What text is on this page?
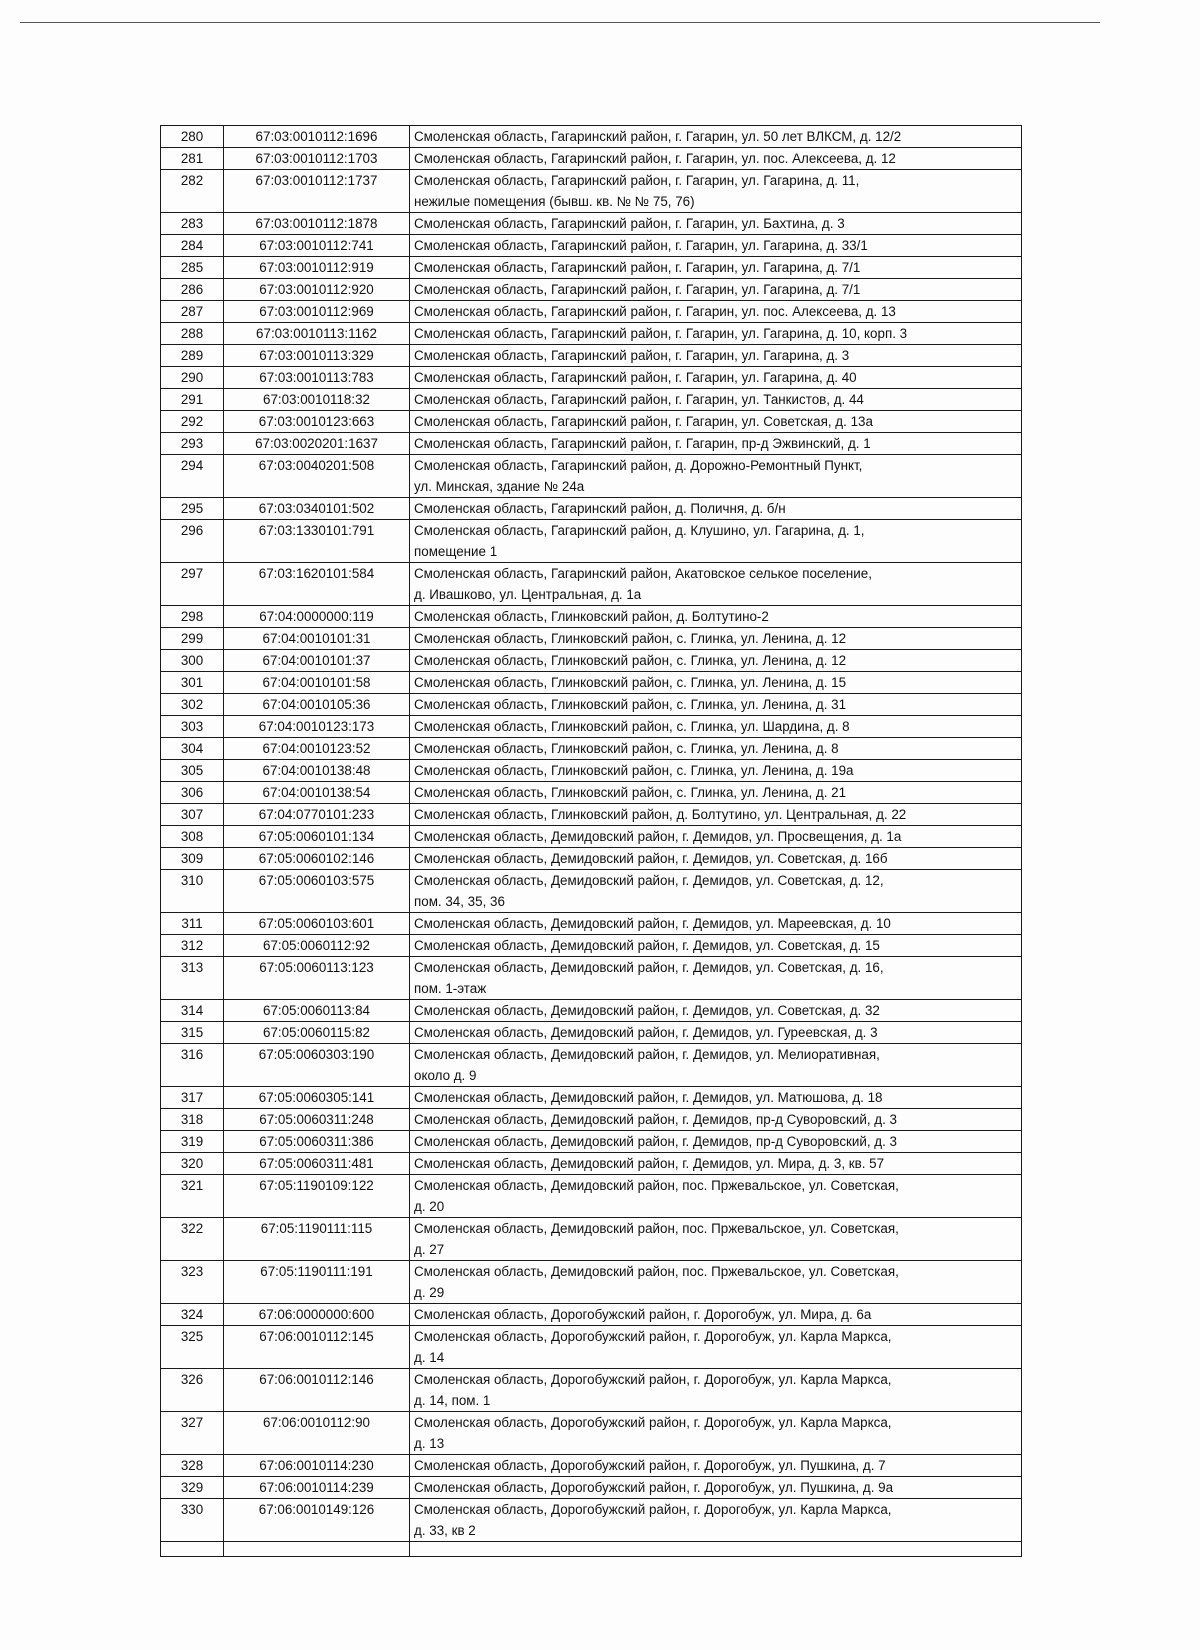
280	67:03:0010112:1696	Смоленская область, Гагаринский район, г. Гагарин, ул. 50 лет ВЛКСМ, д. 12/2

281	67:03:0010112:1703	Смоленская область, Гагаринский район, г. Гагарин, ул. пос. Алексеева, д. 12

282	67:03:0010112:1737	Смоленская область, Гагаринский район, г. Гагарин, ул. Гагарина, д. 11,
нежилые помещения (бывш. кв. № № 75, 76)

283	67:03:0010112:1878	Смоленская область, Гагаринский район, г. Гагарин, ул. Бахтина, д. 3

284	67:03:0010112:741	Смоленская область, Гагаринский район, г. Гагарин, ул. Гагарина, д. 33/1

285	67:03:0010112:919	Смоленская область, Гагаринский район, г. Гагарин, ул. Гагарина, д. 7/1

286	67:03:0010112:920	Смоленская область, Гагаринский район, г. Гагарин, ул. Гагарина, д. 7/1

287	67:03:0010112:969	Смоленская область, Гагаринский район, г. Гагарин, ул. пос. Алексеева, д. 13

288	67:03:0010113:1162	Смоленская область, Гагаринский район, г. Гагарин, ул. Гагарина, д. 10, корп. 3

289	67:03:0010113:329	Смоленская область, Гагаринский район, г. Гагарин, ул. Гагарина, д. 3

290	67:03:0010113:783	Смоленская область, Гагаринский район, г. Гагарин, ул. Гагарина, д. 40

291	67:03:0010118:32	Смоленская область, Гагаринский район, г. Гагарин, ул. Танкистов, д. 44

292	67:03:0010123:663	Смоленская область, Гагаринский район, г. Гагарин, ул. Советская, д. 13а

293	67:03:0020201:1637	Смоленская область, Гагаринский район, г. Гагарин, пр-д Эжвинский, д. 1

294	67:03:0040201:508	Смоленская область, Гагаринский район, д. Дорожно-Ремонтный Пункт,
ул. Минская, здание № 24а

295	67:03:0340101:502	Смоленская область, Гагаринский район, д. Поличня, д. б/н

296	67:03:1330101:791	Смоленская область, Гагаринский район, д. Клушино, ул. Гагарина, д. 1,
помещение 1

297	67:03:1620101:584	Смоленская область, Гагаринский район, Акатовское селькое поселение,
д. Ивашково, ул. Центральная, д. 1а

298	67:04:0000000:119	Смоленская область, Глинковский район, д. Болтутино-2

299	67:04:0010101:31	Смоленская область, Глинковский район, с. Глинка, ул. Ленина, д. 12

300	67:04:0010101:37	Смоленская область, Глинковский район, с. Глинка, ул. Ленина, д. 12

301	67:04:0010101:58	Смоленская область, Глинковский район, с. Глинка, ул. Ленина, д. 15

302	67:04:0010105:36	Смоленская область, Глинковский район, с. Глинка, ул. Ленина, д. 31

303	67:04:0010123:173	Смоленская область, Глинковский район, с. Глинка, ул. Шардина, д. 8

304	67:04:0010123:52	Смоленская область, Глинковский район, с. Глинка, ул. Ленина, д. 8

305	67:04:0010138:48	Смоленская область, Глинковский район, с. Глинка, ул. Ленина, д. 19а

306	67:04:0010138:54	Смоленская область, Глинковский район, с. Глинка, ул. Ленина, д. 21

307	67:04:0770101:233	Смоленская область, Глинковский район, д. Болтутино, ул. Центральная, д. 22

308	67:05:0060101:134	Смоленская область, Демидовский район, г. Демидов, ул. Просвещения, д. 1а

309	67:05:0060102:146	Смоленская область, Демидовский район, г. Демидов, ул. Советская, д. 16б

310	67:05:0060103:575	Смоленская область, Демидовский район, г. Демидов, ул. Советская, д. 12,
пом. 34, 35, 36

311	67:05:0060103:601	Смоленская область, Демидовский район, г. Демидов, ул. Мареевская, д. 10

312	67:05:0060112:92	Смоленская область, Демидовский район, г. Демидов, ул. Советская, д. 15

313	67:05:0060113:123	Смоленская область, Демидовский район, г. Демидов, ул. Советская, д. 16,
пом. 1-этаж

314	67:05:0060113:84	Смоленская область, Демидовский район, г. Демидов, ул. Советская, д. 32

315	67:05:0060115:82	Смоленская область, Демидовский район, г. Демидов, ул. Гуреевская, д. 3

316	67:05:0060303:190	Смоленская область, Демидовский район, г. Демидов, ул. Мелиоративная,
около д. 9

317	67:05:0060305:141	Смоленская область, Демидовский район, г. Демидов, ул. Матюшова, д. 18

318	67:05:0060311:248	Смоленская область, Демидовский район, г. Демидов, пр-д Суворовский, д. 3

319	67:05:0060311:386	Смоленская область, Демидовский район, г. Демидов, пр-д Суворовский, д. 3

320	67:05:0060311:481	Смоленская область, Демидовский район, г. Демидов, ул. Мира, д. 3, кв. 57

321	67:05:1190109:122	Смоленская область, Демидовский район, пос. Пржевальское, ул. Советская,
д. 20

322	67:05:1190111:115	Смоленская область, Демидовский район, пос. Пржевальское, ул. Советская,
д. 27

323	67:05:1190111:191	Смоленская область, Демидовский район, пос. Пржевальское, ул. Советская,
д. 29

324	67:06:0000000:600	Смоленская область, Дорогобужский район, г. Дорогобуж, ул. Мира, д. 6а

325	67:06:0010112:145	Смоленская область, Дорогобужский район, г. Дорогобуж, ул. Карла Маркса,
д. 14

326	67:06:0010112:146	Смоленская область, Дорогобужский район, г. Дорогобуж, ул. Карла Маркса,
д. 14, пом. 1

327	67:06:0010112:90	Смоленская область, Дорогобужский район, г. Дорогобуж, ул. Карла Маркса,
д. 13

328	67:06:0010114:230	Смоленская область, Дорогобужский район, г. Дорогобуж, ул. Пушкина, д. 7

329	67:06:0010114:239	Смоленская область, Дорогобужский район, г. Дорогобуж, ул. Пушкина, д. 9а

330	67:06:0010149:126	Смоленская область, Дорогобужский район, г. Дорогобуж, ул. Карла Маркса,
д. 33, кв 2
